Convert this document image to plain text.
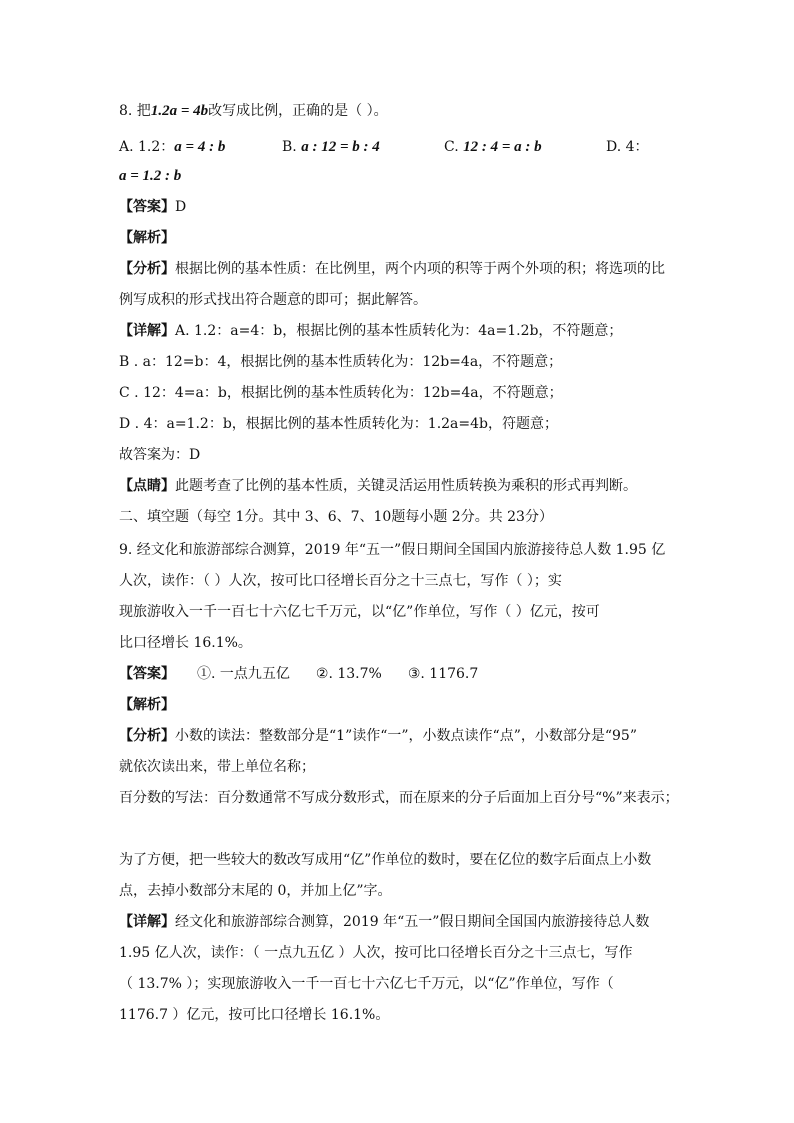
8. 把1.2a = 4b改写成比例，正确的是（ ）。
A. 1.2：a = 4 : b	B. a : 12 = b : 4	C. 12 : 4 = a : b	D. 4：
a = 1.2 : b
【答案】D
【解析】
【分析】根据比例的基本性质：在比例里，两个内项的积等于两个外项的积；将选项的比
例写成积的形式找出符合题意的即可；据此解答。
【详解】A. 1.2：a=4：b，根据比例的基本性质转化为：4a=1.2b，不符题意；
B . a：12=b：4，根据比例的基本性质转化为：12b=4a，不符题意；
C . 12：4=a：b，根据比例的基本性质转化为：12b=4a，不符题意；
D . 4：a=1.2：b，根据比例的基本性质转化为：1.2a=4b，符题意；
故答案为：D
【点睛】此题考查了比例的基本性质，关键灵活运用性质转换为乘积的形式再判断。
二、填空题（每空 1分。其中 3、6、7、10题每小题 2分。共 23分）
9. 经文化和旅游部综合测算，2019 年“五一”假日期间全国国内旅游接待总人数 1.95 亿
人次，读作：（ ）人次，按可比口径增长百分之十三点七，写作（ ）；实
现旅游收入一千一百七十六亿七千万元，以“亿”作单位，写作（ ）亿元，按可
比口径增长 16.1%。
【答案】 ①. 一点九五亿 ②. 13.7% ③. 1176.7
【解析】
【分析】小数的读法：整数部分是“1”读作“一”，小数点读作“点”，小数部分是“95”
就依次读出来，带上单位名称；
百分数的写法：百分数通常不写成分数形式，而在原来的分子后面加上百分号“%”来表示；
为了方便，把一些较大的数改写成用“亿”作单位的数时，要在亿位的数字后面点上小数
点，去掉小数部分末尾的 0，并加上亿”字。
【详解】经文化和旅游部综合测算，2019 年“五一”假日期间全国国内旅游接待总人数
1.95 亿人次，读作：（ 一点九五亿 ）人次，按可比口径增长百分之十三点七，写作
（ 13.7% ）；实现旅游收入一千一百七十六亿七千万元，以“亿”作单位，写作（
1176.7 ）亿元，按可比口径增长 16.1%。
